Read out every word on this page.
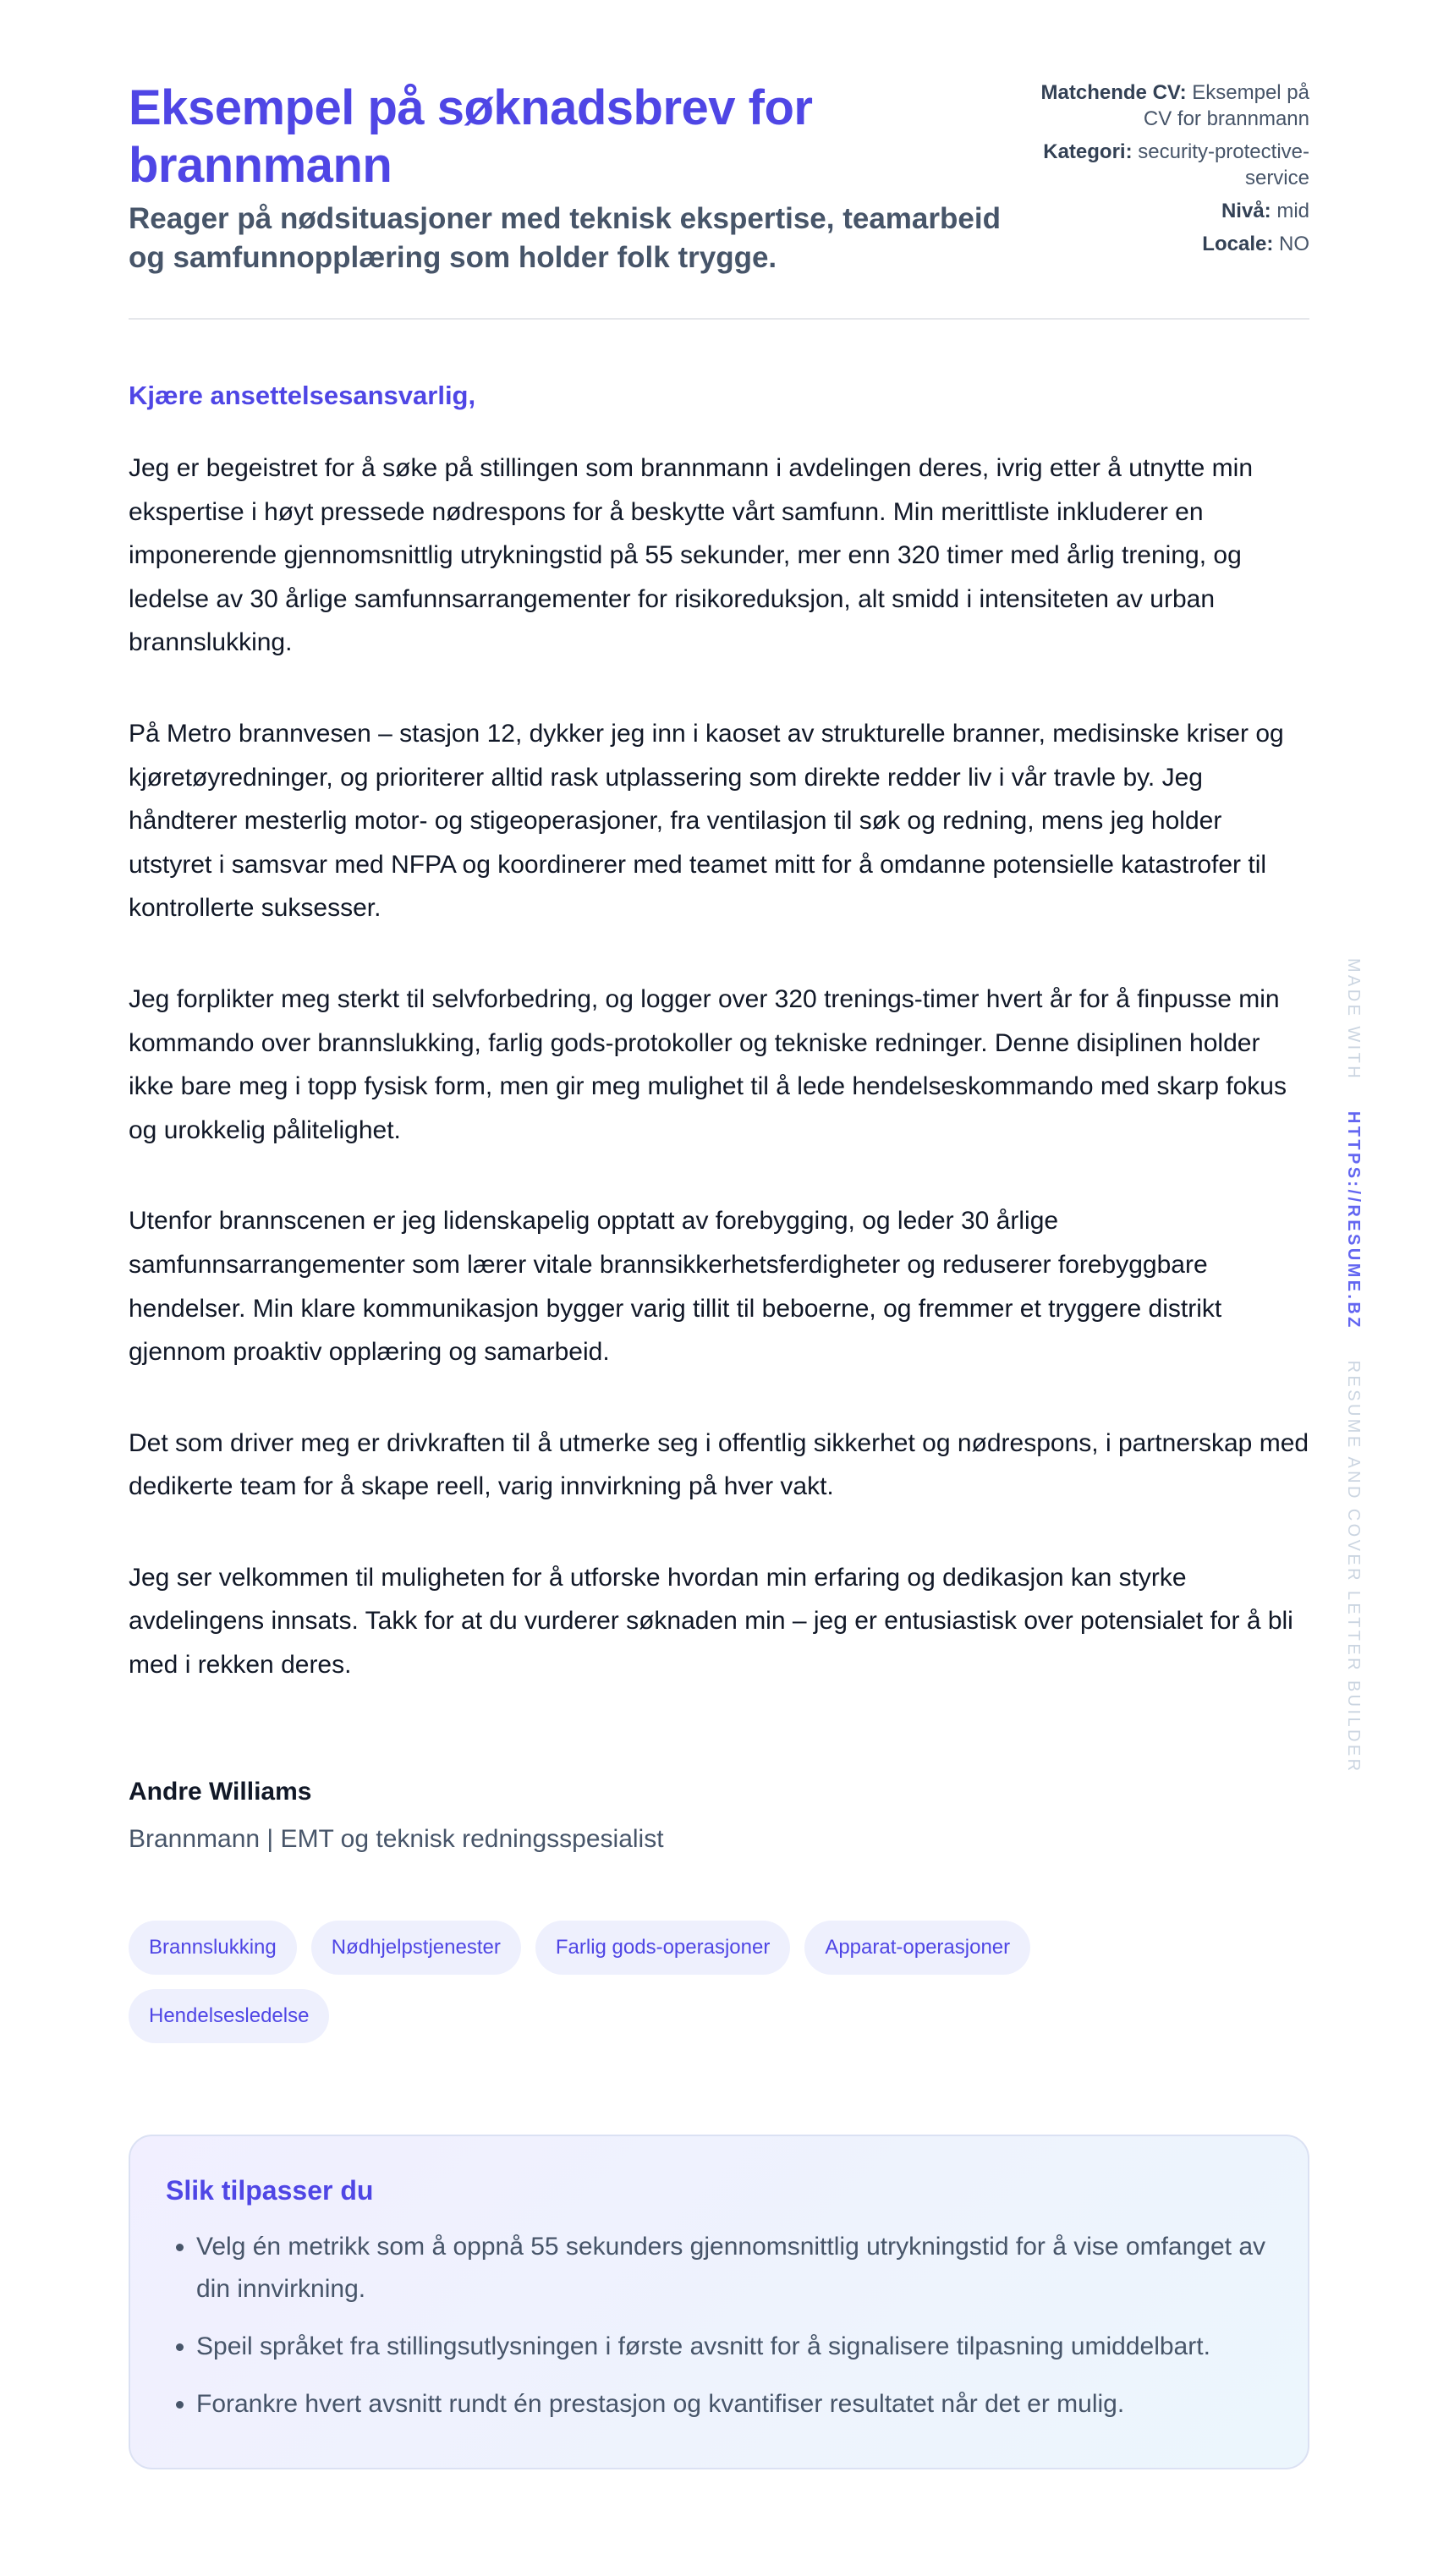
Eksempel på søknadsbrev for brannmann
Reager på nødsituasjoner med teknisk ekspertise, teamarbeid og samfunnopplæring som holder folk trygge.
Matchende CV: Eksempel på CV for brannmann
Kategori: security-protective-service
Nivå: mid
Locale: NO

Kjære ansettelsesansvarlig,

Jeg er begeistret for å søke på stillingen som brannmann i avdelingen deres, ivrig etter å utnytte min ekspertise i høyt pressede nødrespons for å beskytte vårt samfunn. Min merittliste inkluderer en imponerende gjennomsnittlig utrykningstid på 55 sekunder, mer enn 320 timer med årlig trening, og ledelse av 30 årlige samfunnsarrangementer for risikoreduksjon, alt smidd i intensiteten av urban brannslukking.

På Metro brannvesen – stasjon 12, dykker jeg inn i kaoset av strukturelle branner, medisinske kriser og kjøretøyredninger, og prioriterer alltid rask utplassering som direkte redder liv i vår travle by. Jeg håndterer mesterlig motor- og stigeoperasjoner, fra ventilasjon til søk og redning, mens jeg holder utstyret i samsvar med NFPA og koordinerer med teamet mitt for å omdanne potensielle katastrofer til kontrollerte suksesser.

Jeg forplikter meg sterkt til selvforbedring, og logger over 320 trenings-timer hvert år for å finpusse min kommando over brannslukking, farlig gods-protokoller og tekniske redninger. Denne disiplinen holder ikke bare meg i topp fysisk form, men gir meg mulighet til å lede hendelseskommando med skarp fokus og urokkelig pålitelighet.

Utenfor brannscenen er jeg lidenskapelig opptatt av forebygging, og leder 30 årlige samfunnsarrangementer som lærer vitale brannsikkerhetsferdigheter og reduserer forebyggbare hendelser. Min klare kommunikasjon bygger varig tillit til beboerne, og fremmer et tryggere distrikt gjennom proaktiv opplæring og samarbeid.

Det som driver meg er drivkraften til å utmerke seg i offentlig sikkerhet og nødrespons, i partnerskap med dedikerte team for å skape reell, varig innvirkning på hver vakt.

Jeg ser velkommen til muligheten for å utforske hvordan min erfaring og dedikasjon kan styrke avdelingens innsats. Takk for at du vurderer søknaden min – jeg er entusiastisk over potensialet for å bli med i rekken deres.

Andre Williams
Brannmann | EMT og teknisk redningsspesialist
Brannslukking	Nødhjelpstjenester	Farlig gods-operasjoner	Apparat-operasjoner
Hendelsesledelse
Slik tilpasser du
• Velg én metrikk som å oppnå 55 sekunders gjennomsnittlig utrykningstid for å vise omfanget av din innvirkning.
• Speil språket fra stillingsutlysningen i første avsnitt for å signalisere tilpasning umiddelbart.
• Forankre hvert avsnitt rundt én prestasjon og kvantifiser resultatet når det er mulig.
MADE WITH    HTTPS://RESUME.BZ    RESUME AND COVER LETTER BUILDER
